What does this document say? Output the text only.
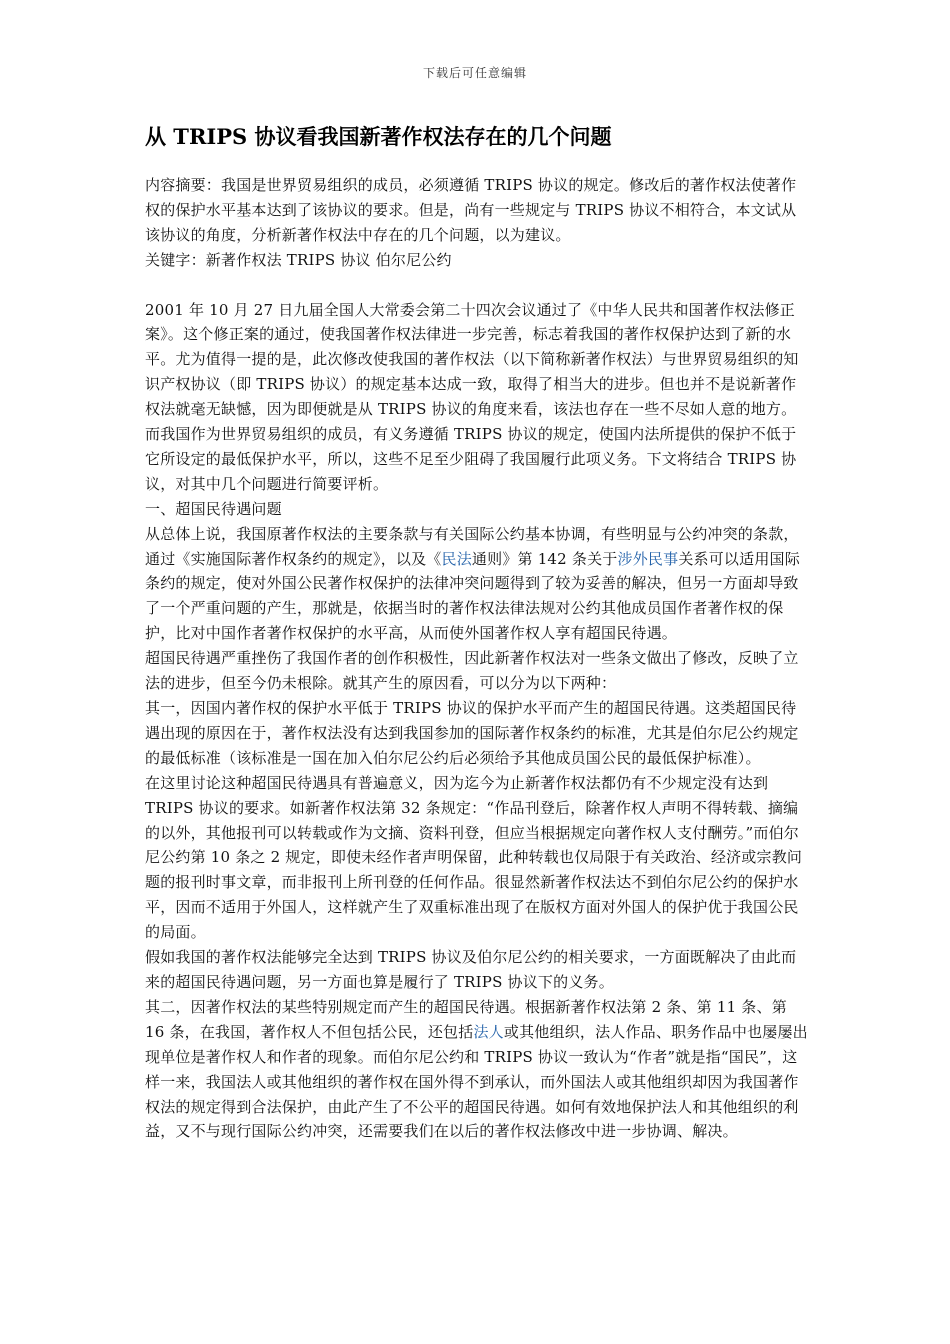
下载后可任意编辑
从 TRIPS 协议看我国新著作权法存在的几个问题

内容摘要：我国是世界贸易组织的成员，必须遵循 TRIPS 协议的规定。修改后的著作权法使著作权的保护水平基本达到了该协议的要求。但是，尚有一些规定与 TRIPS 协议不相符合，本文试从该协议的角度，分析新著作权法中存在的几个问题，以为建议。

关键字：新著作权法 TRIPS 协议 伯尔尼公约

2001 年 10 月 27 日九届全国人大常委会第二十四次会议通过了《中华人民共和国著作权法修正案》。这个修正案的通过，使我国著作权法律进一步完善，标志着我国的著作权保护达到了新的水平。尤为值得一提的是，此次修改使我国的著作权法（以下简称新著作权法）与世界贸易组织的知识产权协议（即 TRIPS 协议）的规定基本达成一致，取得了相当大的进步。但也并不是说新著作权法就毫无缺憾，因为即便就是从 TRIPS 协议的角度来看，该法也存在一些不尽如人意的地方。而我国作为世界贸易组织的成员，有义务遵循 TRIPS 协议的规定，使国内法所提供的保护不低于它所设定的最低保护水平，所以，这些不足至少阻碍了我国履行此项义务。下文将结合 TRIPS 协议，对其中几个问题进行简要评析。

一、超国民待遇问题

从总体上说，我国原著作权法的主要条款与有关国际公约基本协调，有些明显与公约冲突的条款，通过《实施国际著作权条约的规定》，以及《民法通则》第 142 条关于涉外民事关系可以适用国际条约的规定，使对外国公民著作权保护的法律冲突问题得到了较为妥善的解决，但另一方面却导致了一个严重问题的产生，那就是，依据当时的著作权法律法规对公约其他成员国作者著作权的保护，比对中国作者著作权保护的水平高，从而使外国著作权人享有超国民待遇。

超国民待遇严重挫伤了我国作者的创作积极性，因此新著作权法对一些条文做出了修改，反映了立法的进步，但至今仍未根除。就其产生的原因看，可以分为以下两种：

其一，因国内著作权的保护水平低于 TRIPS 协议的保护水平而产生的超国民待遇。这类超国民待遇出现的原因在于，著作权法没有达到我国参加的国际著作权条约的标准，尤其是伯尔尼公约规定的最低标准（该标准是一国在加入伯尔尼公约后必须给予其他成员国公民的最低保护标准）。

在这里讨论这种超国民待遇具有普遍意义，因为迄今为止新著作权法都仍有不少规定没有达到 TRIPS 协议的要求。如新著作权法第 32 条规定：“作品刊登后，除著作权人声明不得转载、摘编的以外，其他报刊可以转载或作为文摘、资料刊登，但应当根据规定向著作权人支付酬劳。”而伯尔尼公约第 10 条之 2 规定，即使未经作者声明保留，此种转载也仅局限于有关政治、经济或宗教问题的报刊时事文章，而非报刊上所刊登的任何作品。很显然新著作权法达不到伯尔尼公约的保护水平，因而不适用于外国人，这样就产生了双重标准出现了在版权方面对外国人的保护优于我国公民的局面。

假如我国的著作权法能够完全达到 TRIPS 协议及伯尔尼公约的相关要求，一方面既解决了由此而来的超国民待遇问题，另一方面也算是履行了 TRIPS 协议下的义务。

其二，因著作权法的某些特别规定而产生的超国民待遇。根据新著作权法第 2 条、第 11 条、第 16 条，在我国，著作权人不但包括公民，还包括法人或其他组织，法人作品、职务作品中也屡屡出现单位是著作权人和作者的现象。而伯尔尼公约和 TRIPS 协议一致认为“作者”就是指“国民”，这样一来，我国法人或其他组织的著作权在国外得不到承认，而外国法人或其他组织却因为我国著作权法的规定得到合法保护，由此产生了不公平的超国民待遇。如何有效地保护法人和其他组织的利益，又不与现行国际公约冲突，还需要我们在以后的著作权法修改中进一步协调、解决。
